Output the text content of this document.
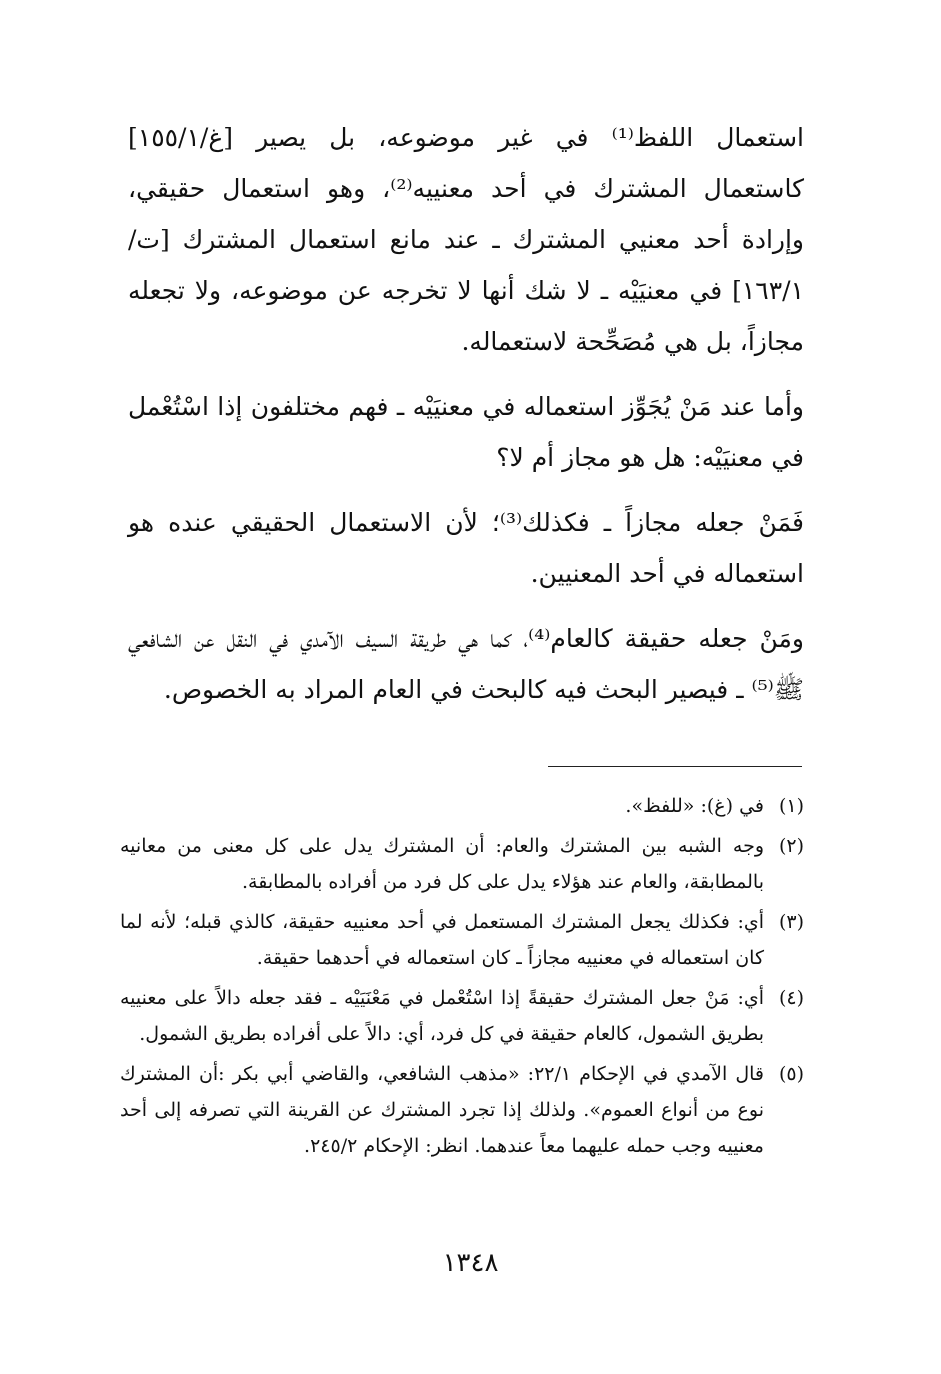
استعمال اللفظ⁽¹⁾ في غير موضوعه، بل يصير [غ/١٥٥/١] كاستعمال المشترك في أحد معنييه⁽²⁾، وهو استعمال حقيقي، وإرادة أحد معنيي المشترك ـ عند مانع استعمال المشترك [ت/١٦٣/١] في معنيَيْه ـ لا شك أنها لا تخرجه عن موضوعه، ولا تجعله مجازاً، بل هي مُصَحِّحة لاستعماله.

وأما عند مَنْ يُجَوِّز استعماله في معنيَيْه ـ فهم مختلفون إذا اسْتُعْمل في معنيَيْه: هل هو مجاز أم لا؟

فَمَنْ جعله مجازاً ـ فكذلك⁽³⁾؛ لأن الاستعمال الحقيقي عنده هو استعماله في أحد المعنيين.

ومَنْ جعله حقيقة كالعام⁽⁴⁾، كما هي طريقة السيف الآمدي في النقل عن الشافعي ﷺ⁽⁵⁾ ـ فيصير البحث فيه كالبحث في العام المراد به الخصوص.

(١)
في (غ): «للفظ».
(٢)
وجه الشبه بين المشترك والعام: أن المشترك يدل على كل معنى من معانيه بالمطابقة، والعام عند هؤلاء يدل على كل فرد من أفراده بالمطابقة.
(٣)
أي: فكذلك يجعل المشترك المستعمل في أحد معنييه حقيقة، كالذي قبله؛ لأنه لما كان استعماله في معنييه مجازاً ـ كان استعماله في أحدهما حقيقة.
(٤)
أي: مَنْ جعل المشترك حقيقةً إذا اسْتُعْمل في مَعْنَيَيْه ـ فقد جعله دالاً على معنييه بطريق الشمول، كالعام حقيقة في كل فرد، أي: دالاً على أفراده بطريق الشمول.
(٥)
قال الآمدي في الإحكام ٢٢/١: «مذهب الشافعي، والقاضي أبي بكر :أن المشترك نوع من أنواع العموم». ولذلك إذا تجرد المشترك عن القرينة التي تصرفه إلى أحد معنييه وجب حمله عليهما معاً عندهما. انظر: الإحكام ٢٤٥/٢.
١٣٤٨
